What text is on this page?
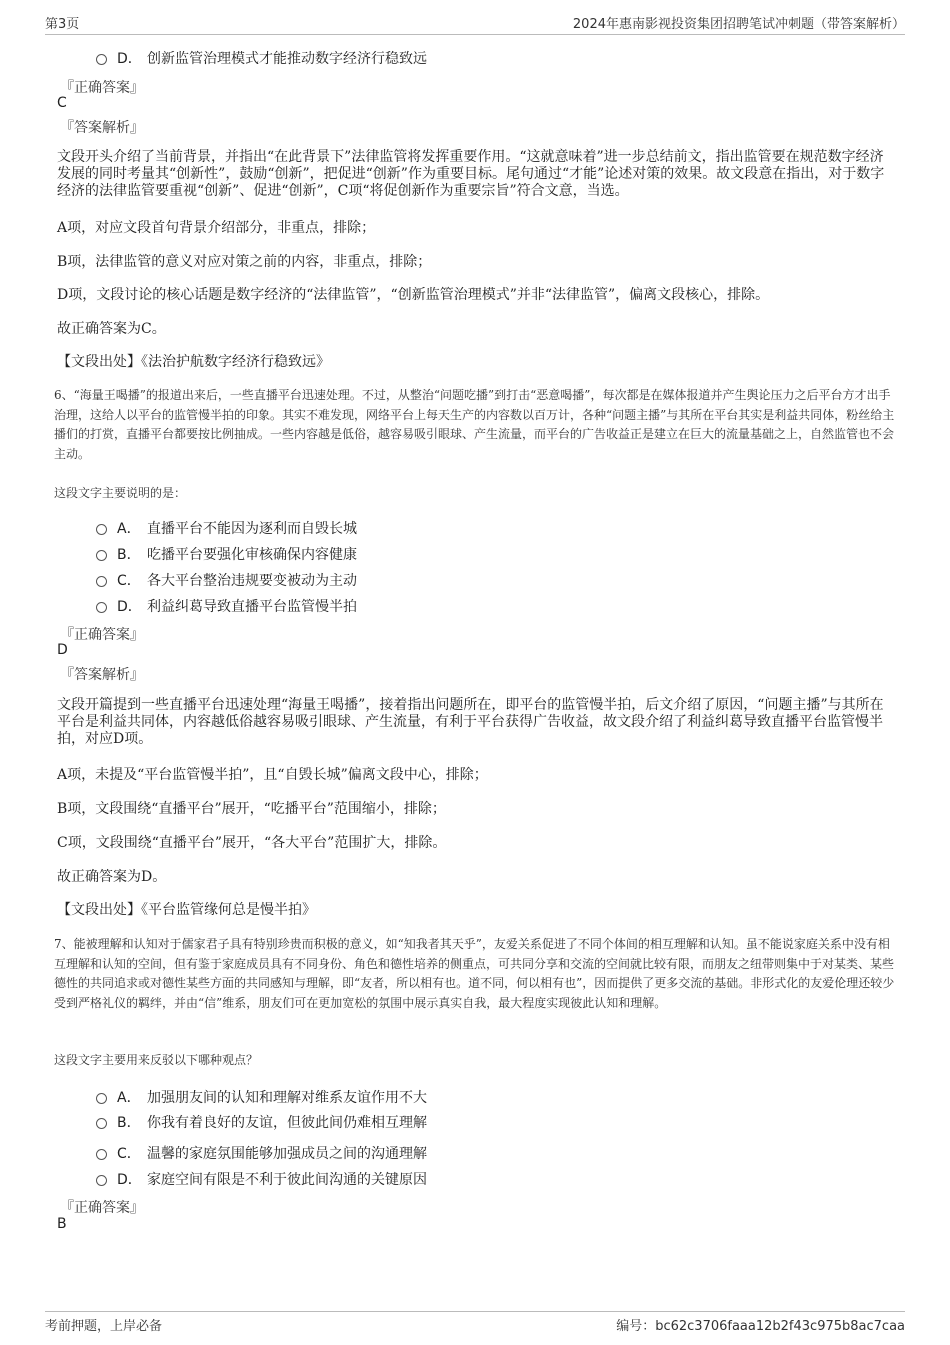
第3页	2024年惠南影视投资集团招聘笔试冲刺题（带答案解析）
D． 创新监管治理模式才能推动数字经济行稳致远
『正确答案』
C
『答案解析』
文段开头介绍了当前背景，并指出“在此背景下”法律监管将发挥重要作用。“这就意味着”进一步总结前文，指出监管要在规范数字经济发展的同时考量其“创新性”，鼓励“创新”，把促进“创新”作为重要目标。尾句通过“才能”论述对策的效果。故文段意在指出，对于数字经济的法律监管要重视“创新”、促进“创新”，C项“将促创新作为重要宗旨”符合文意，当选。
A项，对应文段首句背景介绍部分，非重点，排除；
B项，法律监管的意义对应对策之前的内容，非重点，排除；
D项，文段讨论的核心话题是数字经济的“法律监管”，“创新监管治理模式”并非“法律监管”，偏离文段核心，排除。
故正确答案为C。
【文段出处】《法治护航数字经济行稳致远》
6、“海量王喝播”的报道出来后，一些直播平台迅速处理。不过，从整治“问题吃播”到打击“恶意喝播”，每次都是在媒体报道并产生舆论压力之后平台方才出手治理，这给人以平台的监管慢半拍的印象。其实不难发现，网络平台上每天生产的内容数以百万计，各种“问题主播”与其所在平台其实是利益共同体，粉丝给主播们的打赏，直播平台都要按比例抽成。一些内容越是低俗，越容易吸引眼球、产生流量，而平台的广告收益正是建立在巨大的流量基础之上，自然监管也不会主动。
这段文字主要说明的是：
A． 直播平台不能因为逐利而自毁长城
B． 吃播平台要强化审核确保内容健康
C． 各大平台整治违规要变被动为主动
D． 利益纠葛导致直播平台监管慢半拍
『正确答案』
D
『答案解析』
文段开篇提到一些直播平台迅速处理“海量王喝播”，接着指出问题所在，即平台的监管慢半拍，后文介绍了原因，“问题主播”与其所在平台是利益共同体，内容越低俗越容易吸引眼球、产生流量，有利于平台获得广告收益，故文段介绍了利益纠葛导致直播平台监管慢半拍，对应D项。
A项，未提及“平台监管慢半拍”，且“自毁长城”偏离文段中心，排除；
B项，文段围绕“直播平台”展开，“吃播平台”范围缩小，排除；
C项，文段围绕“直播平台”展开，“各大平台”范围扩大，排除。
故正确答案为D。
【文段出处】《平台监管缘何总是慢半拍》
7、能被理解和认知对于儒家君子具有特别珍贵而积极的意义，如“知我者其天乎”，友爱关系促进了不同个体间的相互理解和认知。虽不能说家庭关系中没有相互理解和认知的空间，但有鉴于家庭成员具有不同身份、角色和德性培养的侧重点，可共同分享和交流的空间就比较有限，而朋友之纽带则集中于对某类、某些德性的共同追求或对德性某些方面的共同感知与理解，即“友者，所以相有也。道不同，何以相有也”，因而提供了更多交流的基础。非形式化的友爱伦理还较少受到严格礼仪的羁绊，并由“信”维系，朋友们可在更加宽松的氛围中展示真实自我，最大程度实现彼此认知和理解。
这段文字主要用来反驳以下哪种观点？
A． 加强朋友间的认知和理解对维系友谊作用不大
B． 你我有着良好的友谊，但彼此间仍难相互理解
C． 温馨的家庭氛围能够加强成员之间的沟通理解
D． 家庭空间有限是不利于彼此间沟通的关键原因
『正确答案』
B
考前押题，上岸必备	编号：bc62c3706faaa12b2f43c975b8ac7caa
